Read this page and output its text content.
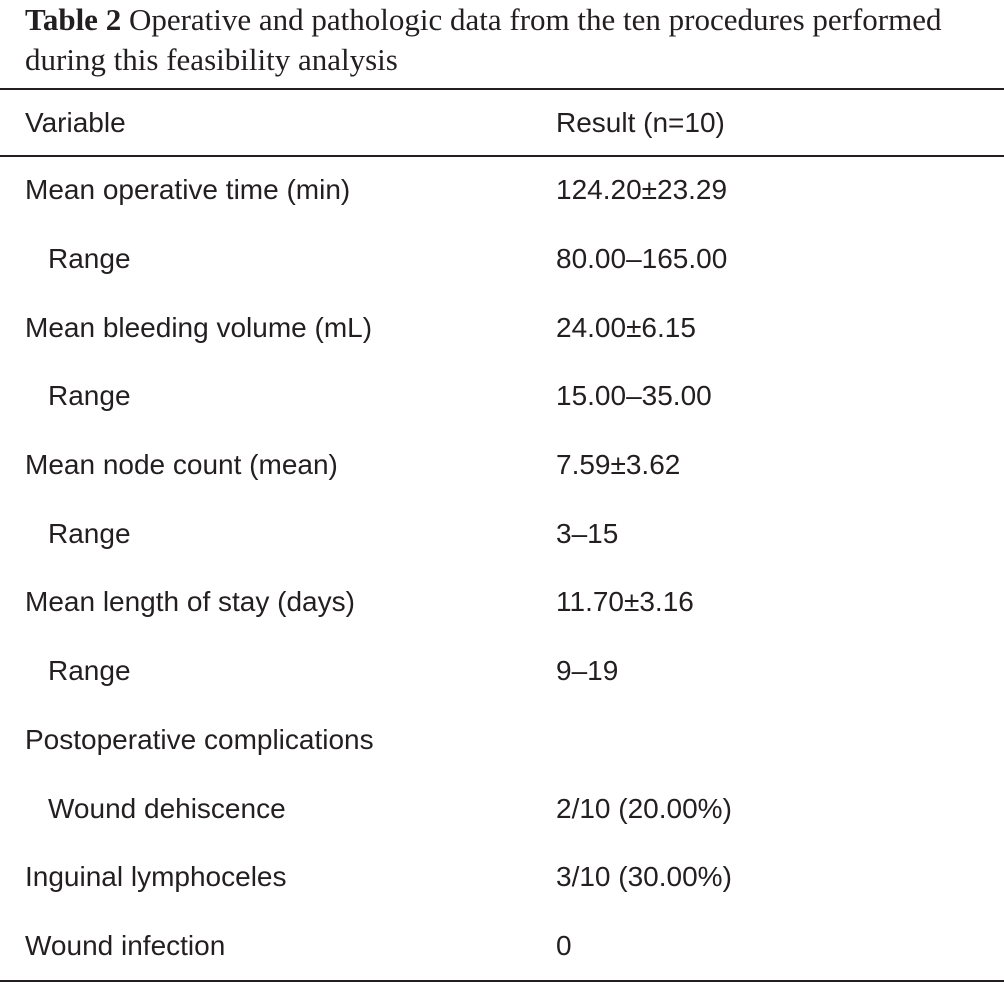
Table 2 Operative and pathologic data from the ten procedures performed during this feasibility analysis

Variable	Result (n=10)
Mean operative time (min)	124.20±23.29
Range	80.00–165.00
Mean bleeding volume (mL)	24.00±6.15
Range	15.00–35.00
Mean node count (mean)	7.59±3.62
Range	3–15
Mean length of stay (days)	11.70±3.16
Range	9–19
Postoperative complications	
Wound dehiscence	2/10 (20.00%)
Inguinal lymphoceles	3/10 (30.00%)
Wound infection	0
